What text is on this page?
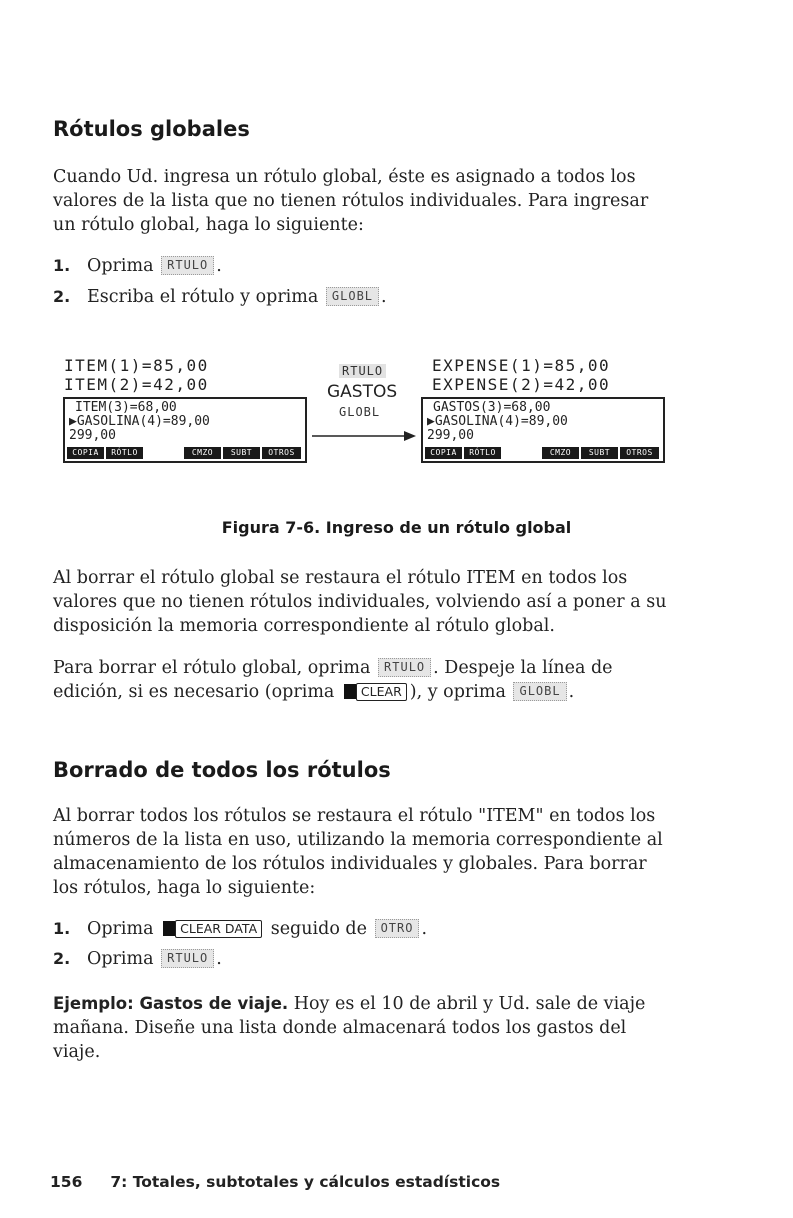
Rótulos globales

Cuando Ud. ingresa un rótulo global, éste es asignado a todos los valores de la lista que no tienen rótulos individuales. Para ingresar un rótulo global, haga lo siguiente:

1. Oprima RTULO .
2. Escriba el rótulo y oprima GLOBL .
ITEM(1)=85,00
ITEM(2)=42,00
ITEM(3)=68,00
▶GASOLINA(4)=89,00
299,00
COPIA	RÓTLO	CMZO	SUBT	OTROS
RTULO
GASTOS
GLOBL
EXPENSE(1)=85,00
EXPENSE(2)=42,00
GASTOS(3)=68,00
▶GASOLINA(4)=89,00
299,00
COPIA	RÓTLO	CMZO	SUBT	OTROS
Figura 7-6. Ingreso de un rótulo global

Al borrar el rótulo global se restaura el rótulo ITEM en todos los valores que no tienen rótulos individuales, volviendo así a poner a su disposición la memoria correspondiente al rótulo global.

Para borrar el rótulo global, oprima RTULO . Despeje la línea de edición, si es necesario (oprima CLEAR ), y oprima GLOBL .

Borrado de todos los rótulos

Al borrar todos los rótulos se restaura el rótulo "ITEM" en todos los números de la lista en uso, utilizando la memoria correspondiente al almacenamiento de los rótulos individuales y globales. Para borrar los rótulos, haga lo siguiente:

1. Oprima CLEAR DATA seguido de OTRO .
2. Oprima RTULO .

Ejemplo: Gastos de viaje. Hoy es el 10 de abril y Ud. sale de viaje mañana. Diseñe una lista donde almacenará todos los gastos del viaje.

156 7: Totales, subtotales y cálculos estadísticos
